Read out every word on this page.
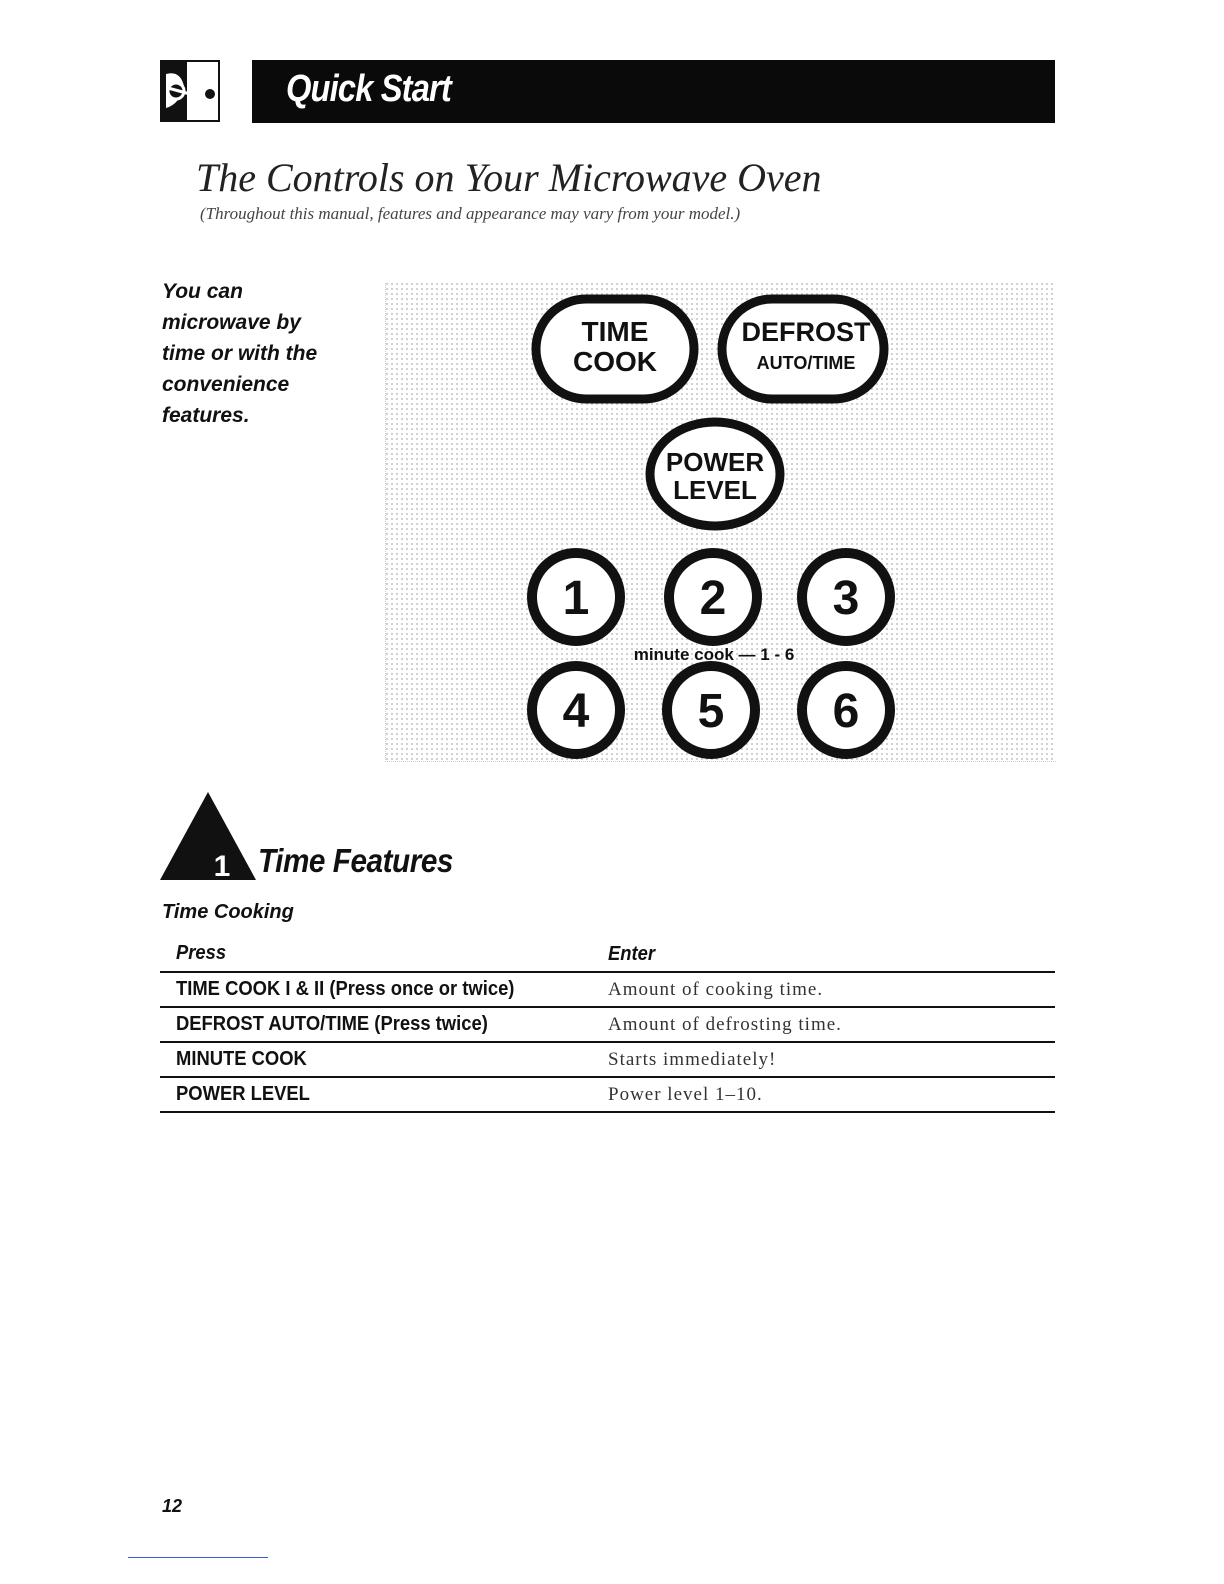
Quick Start
The Controls on Your Microwave Oven
(Throughout this manual, features and appearance may vary from your model.)
You can
microwave by
time or with the
convenience
features.
TIME
COOK
DEFROST
AUTO/TIME
POWER
LEVEL
1 2 3
minute cook — 1 - 6
4 5 6
1 Time Features
Time Cooking
Press	Enter
TIME COOK I & II (Press once or twice)	Amount of cooking time.
DEFROST AUTO/TIME (Press twice)	Amount of defrosting time.
MINUTE COOK	Starts immediately!
POWER LEVEL	Power level 1–10.
12
